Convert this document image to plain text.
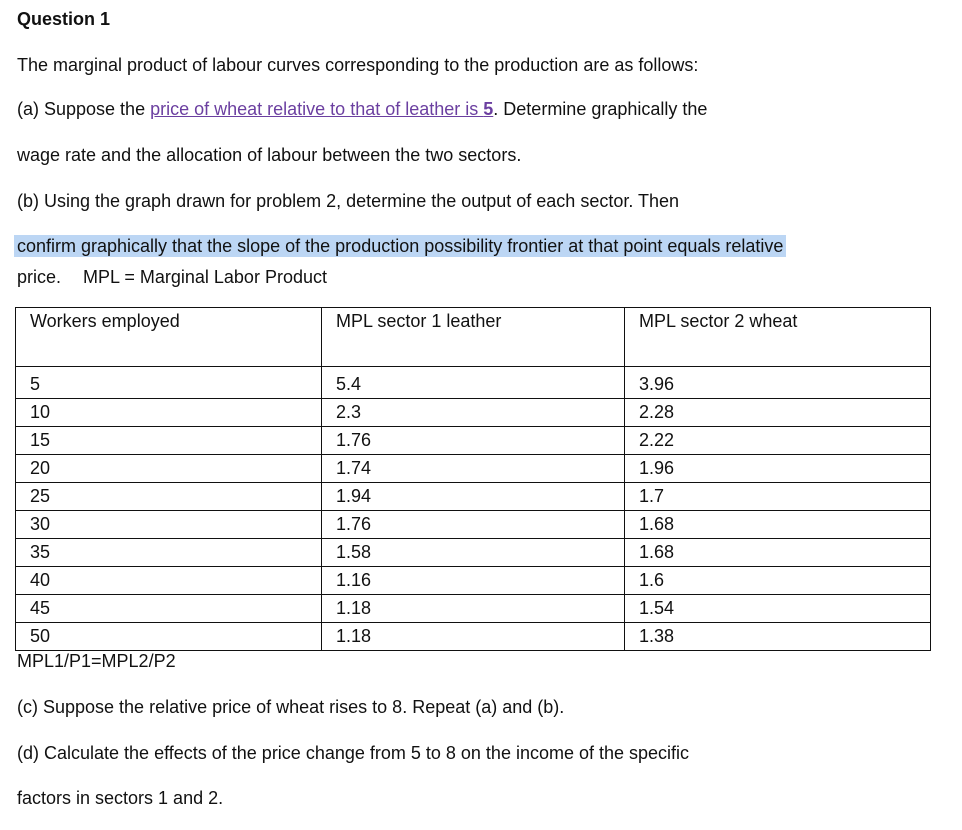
Question 1
The marginal product of labour curves corresponding to the production are as follows:
(a) Suppose the price of wheat relative to that of leather is 5. Determine graphically the
wage rate and the allocation of labour between the two sectors.
(b) Using the graph drawn for problem 2, determine the output of each sector. Then
confirm graphically that the slope of the production possibility frontier at that point equals relative
price. MPL = Marginal Labor Product
Workers employed	MPL sector 1 leather	MPL sector 2 wheat
5	5.4	3.96
10	2.3	2.28
15	1.76	2.22
20	1.74	1.96
25	1.94	1.7
30	1.76	1.68
35	1.58	1.68
40	1.16	1.6
45	1.18	1.54
50	1.18	1.38
MPL1/P1=MPL2/P2
(c) Suppose the relative price of wheat rises to 8. Repeat (a) and (b).
(d) Calculate the effects of the price change from 5 to 8 on the income of the specific
factors in sectors 1 and 2.
